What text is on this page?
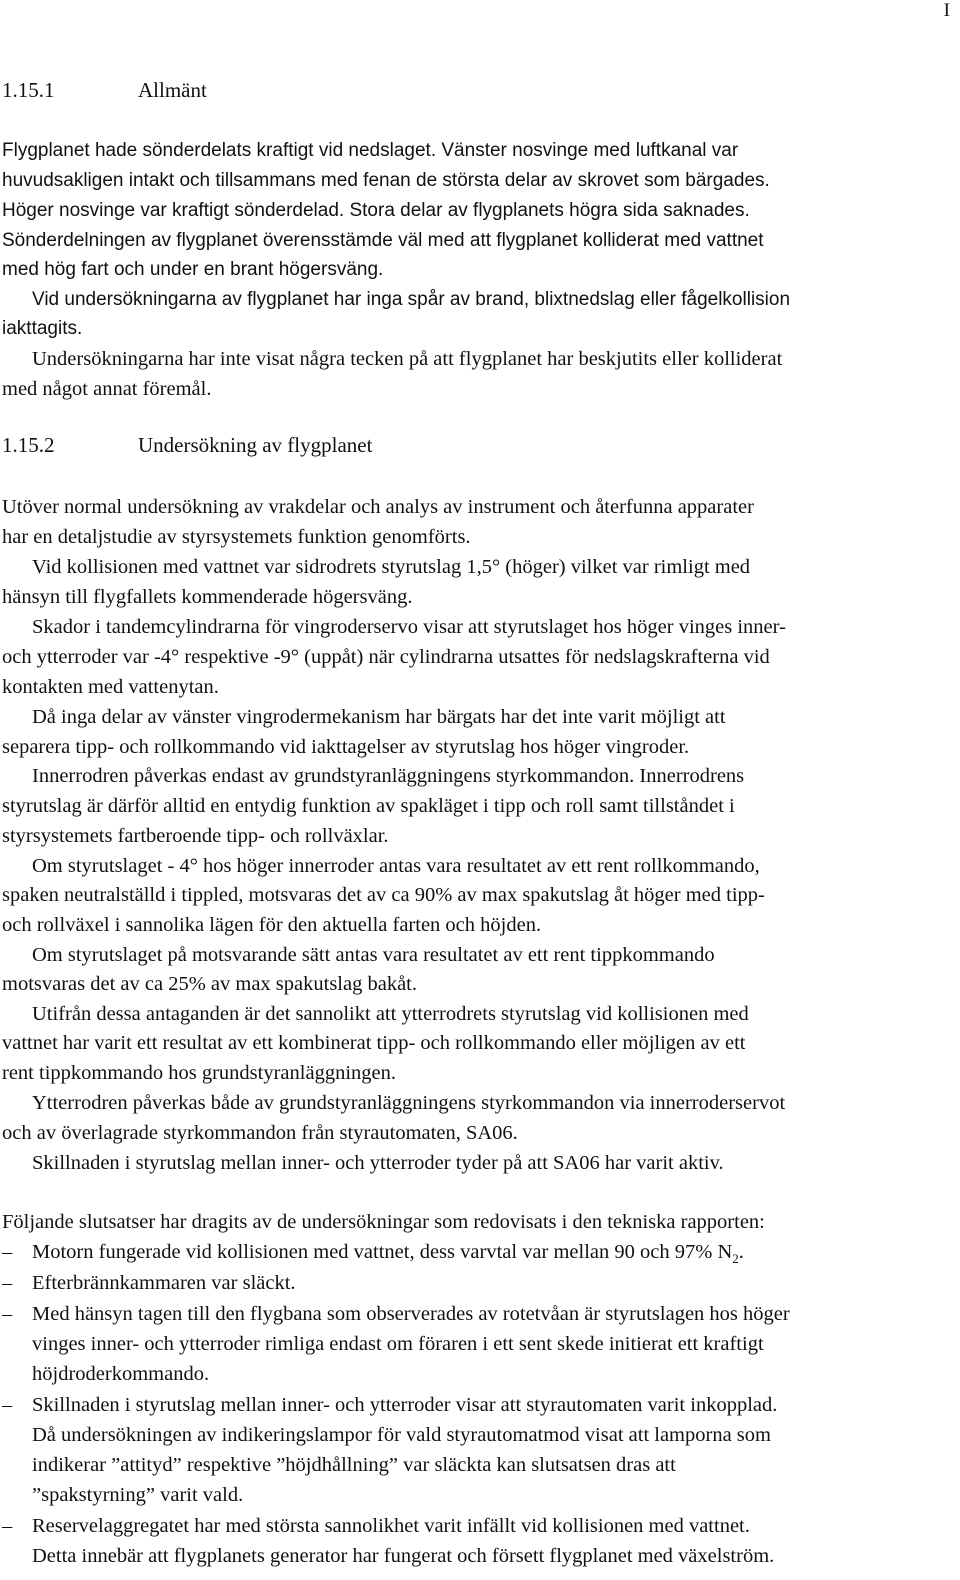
I
1.15.1	Allmänt
Flygplanet hade sönderdelats kraftigt vid nedslaget. Vänster nosvinge med luftkanal var
huvudsakligen intakt och tillsammans med fenan de största delar av skrovet som bärgades.
Höger nosvinge var kraftigt sönderdelad. Stora delar av flygplanets högra sida saknades.
Sönderdelningen av flygplanet överensstämde väl med att flygplanet kolliderat med vattnet
med hög fart och under en brant högersväng.
Vid undersökningarna av flygplanet har inga spår av brand, blixtnedslag eller fågelkollision
iakttagits.
Undersökningarna har inte visat några tecken på att flygplanet har beskjutits eller kolliderat
med något annat föremål.
1.15.2	Undersökning av flygplanet
Utöver normal undersökning av vrakdelar och analys av instrument och återfunna apparater
har en detaljstudie av styrsystemets funktion genomförts.
Vid kollisionen med vattnet var sidrodrets styrutslag 1,5° (höger) vilket var rimligt med
hänsyn till flygfallets kommenderade högersväng.
Skador i tandemcylindrarna för vingroderservo visar att styrutslaget hos höger vinges inner-
och ytterroder var -4° respektive -9° (uppåt) när cylindrarna utsattes för nedslagskrafterna vid
kontakten med vattenytan.
Då inga delar av vänster vingrodermekanism har bärgats har det inte varit möjligt att
separera tipp- och rollkommando vid iakttagelser av styrutslag hos höger vingroder.
Innerrodren påverkas endast av grundstyranläggningens styrkommandon. Innerrodrens
styrutslag är därför alltid en entydig funktion av spakläget i tipp och roll samt tillståndet i
styrsystemets fartberoende tipp- och rollväxlar.
Om styrutslaget - 4° hos höger innerroder antas vara resultatet av ett rent rollkommando,
spaken neutralställd i tippled, motsvaras det av ca 90% av max spakutslag åt höger med tipp-
och rollväxel i sannolika lägen för den aktuella farten och höjden.
Om styrutslaget på motsvarande sätt antas vara resultatet av ett rent tippkommando
motsvaras det av ca 25% av max spakutslag bakåt.
Utifrån dessa antaganden är det sannolikt att ytterrodrets styrutslag vid kollisionen med
vattnet har varit ett resultat av ett kombinerat tipp- och rollkommando eller möjligen av ett
rent tippkommando hos grundstyranläggningen.
Ytterrodren påverkas både av grundstyranläggningens styrkommandon via innerroderservot
och av överlagrade styrkommandon från styrautomaten, SA06.
Skillnaden i styrutslag mellan inner- och ytterroder tyder på att SA06 har varit aktiv.
Följande slutsatser har dragits av de undersökningar som redovisats i den tekniska rapporten:
– Motorn fungerade vid kollisionen med vattnet, dess varvtal var mellan 90 och 97% $N_2$.
– Efterbrännkammaren var släckt.
– Med hänsyn tagen till den flygbana som observerades av rotetvåan är styrutslagen hos höger
vinges inner- och ytterroder rimliga endast om föraren i ett sent skede initierat ett kraftigt
höjdroderkommando.
– Skillnaden i styrutslag mellan inner- och ytterroder visar att styrautomaten varit inkopplad.
Då undersökningen av indikeringslampor för vald styrautomatmod visat att lamporna som
indikerar ”attityd” respektive ”höjdhållning” var släckta kan slutsatsen dras att
”spakstyrning” varit vald.
– Reservelaggregatet har med största sannolikhet varit infällt vid kollisionen med vattnet.
Detta innebär att flygplanets generator har fungerat och försett flygplanet med växelström.
